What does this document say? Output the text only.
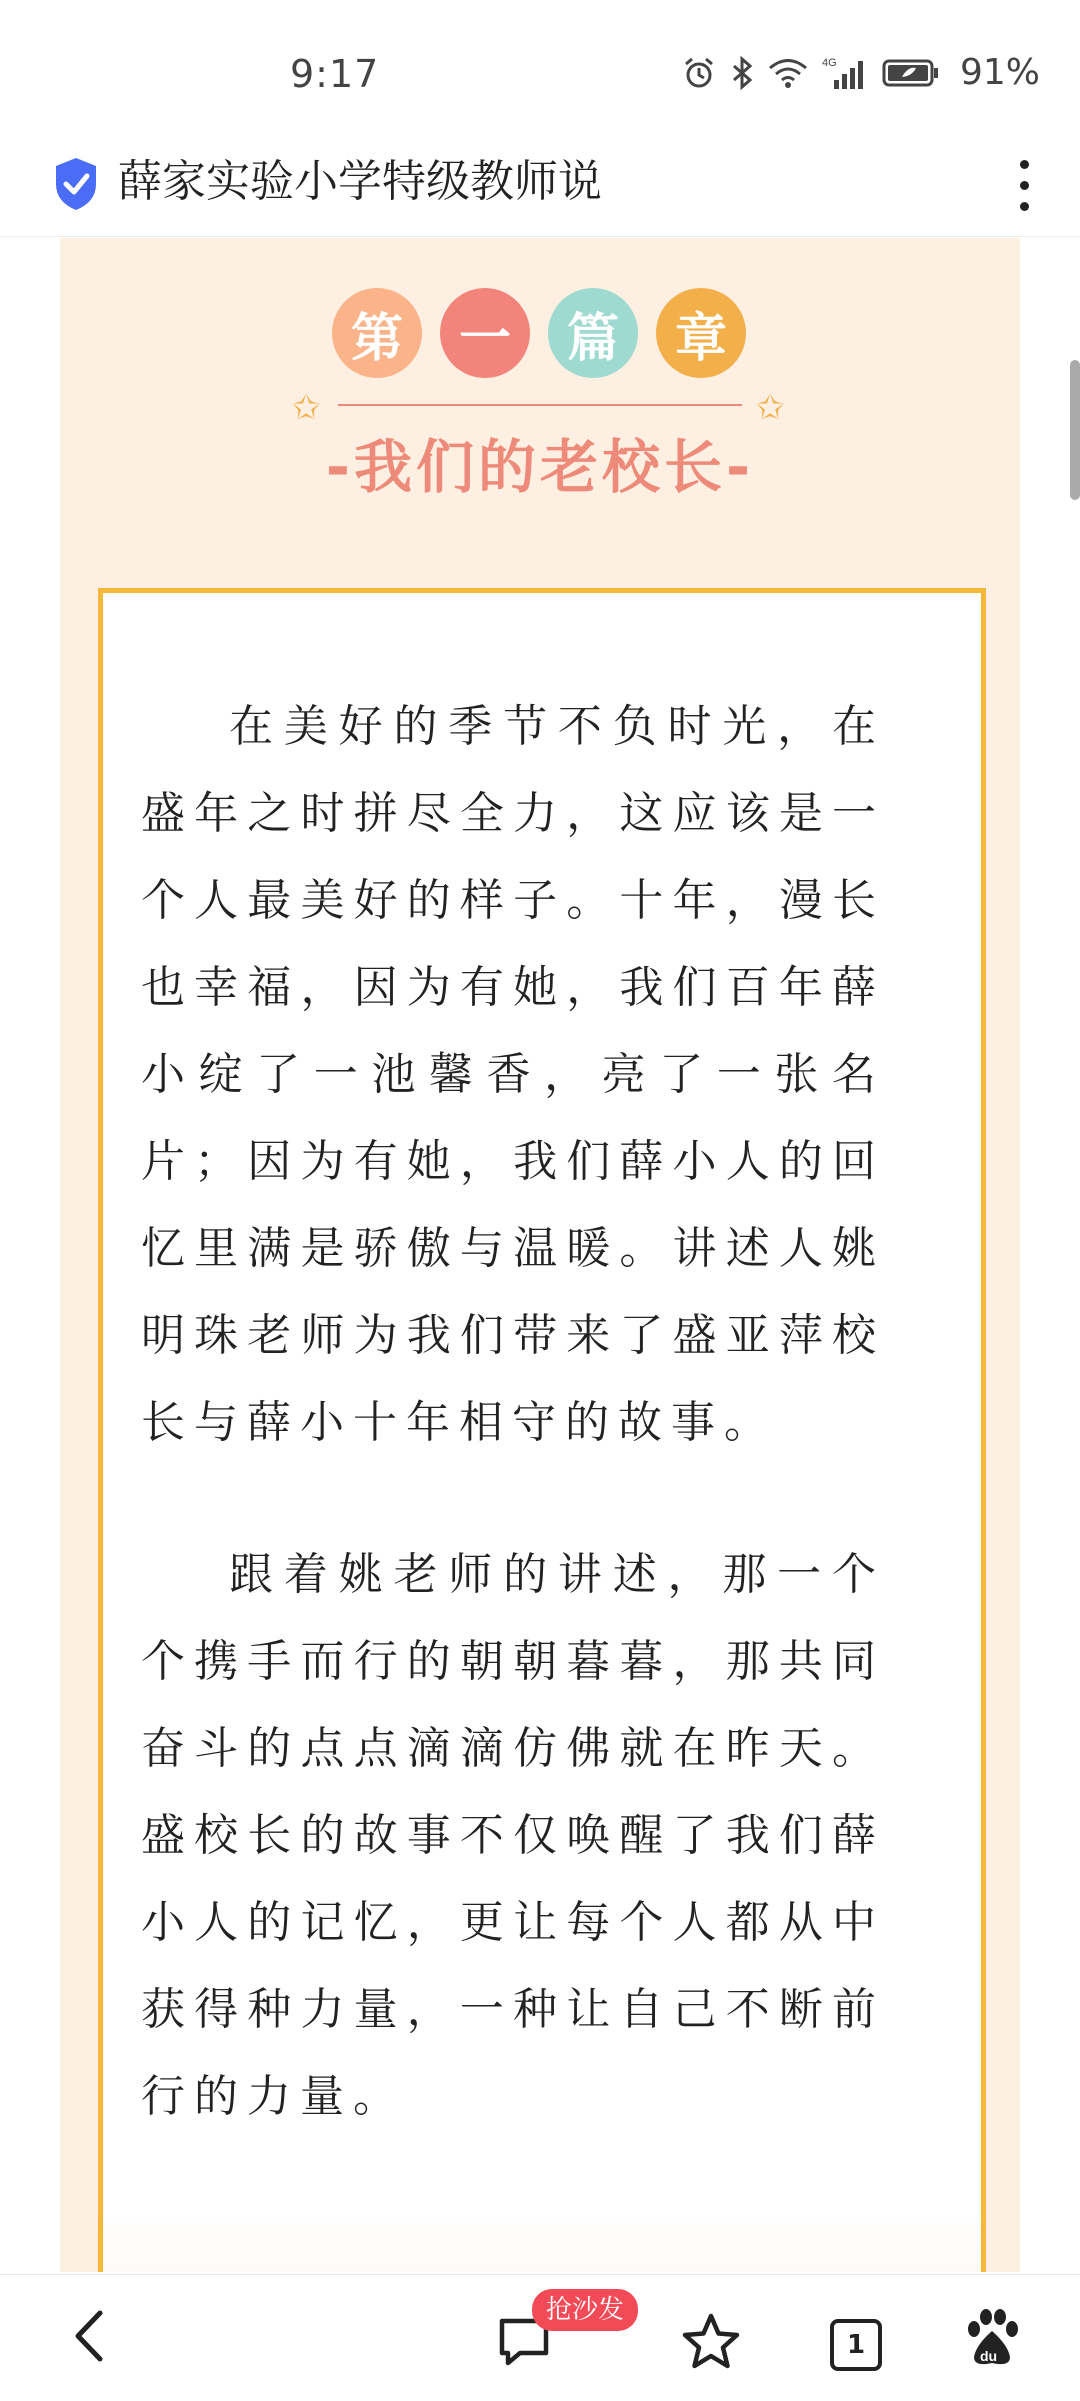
9:17	4G	91%
薛家实验小学特级教师说
第	一	篇	章
✩	✩
-我们的老校长-

在美好的季节不负时光，在盛年之时拼尽全力，这应该是一个人最美好的样子。十年，漫长也幸福，因为有她，我们百年薛小绽了一池馨香，亮了一张名片；因为有她，我们薛小人的回忆里满是骄傲与温暖。讲述人姚明珠老师为我们带来了盛亚萍校长与薛小十年相守的故事。

跟着姚老师的讲述，那一个个携手而行的朝朝暮暮，那共同奋斗的点点滴滴仿佛就在昨天。盛校长的故事不仅唤醒了我们薛小人的记忆，更让每个人都从中获得种力量，一种让自己不断前行的力量。

抢沙发
1	du
